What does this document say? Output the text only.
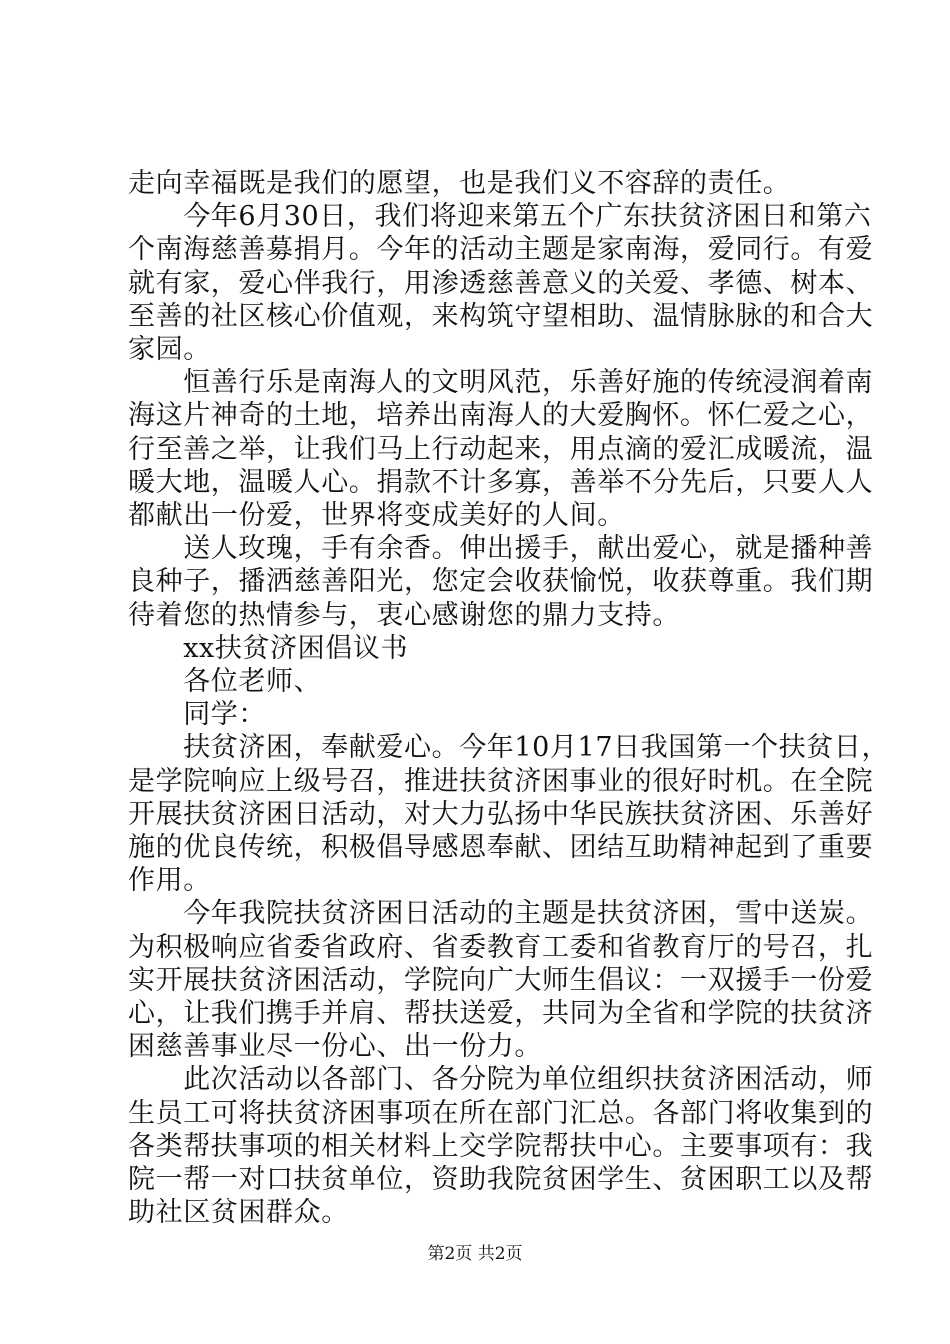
走向幸福既是我们的愿望，也是我们义不容辞的责任。
　　今年6月30日，我们将迎来第五个广东扶贫济困日和第六
个南海慈善募捐月。今年的活动主题是家南海，爱同行。有爱
就有家，爱心伴我行，用渗透慈善意义的关爱、孝德、树本、
至善的社区核心价值观，来构筑守望相助、温情脉脉的和合大
家园。
　　恒善行乐是南海人的文明风范，乐善好施的传统浸润着南
海这片神奇的土地，培养出南海人的大爱胸怀。怀仁爱之心，
行至善之举，让我们马上行动起来，用点滴的爱汇成暖流，温
暖大地，温暖人心。捐款不计多寡，善举不分先后，只要人人
都献出一份爱，世界将变成美好的人间。
　　送人玫瑰，手有余香。伸出援手，献出爱心，就是播种善
良种子，播洒慈善阳光，您定会收获愉悦，收获尊重。我们期
待着您的热情参与，衷心感谢您的鼎力支持。
　　xx扶贫济困倡议书
　　各位老师、
　　同学：
　　扶贫济困，奉献爱心。今年10月17日我国第一个扶贫日，
是学院响应上级号召，推进扶贫济困事业的很好时机。在全院
开展扶贫济困日活动，对大力弘扬中华民族扶贫济困、乐善好
施的优良传统，积极倡导感恩奉献、团结互助精神起到了重要
作用。
　　今年我院扶贫济困日活动的主题是扶贫济困，雪中送炭。
为积极响应省委省政府、省委教育工委和省教育厅的号召，扎
实开展扶贫济困活动，学院向广大师生倡议：一双援手一份爱
心，让我们携手并肩、帮扶送爱，共同为全省和学院的扶贫济
困慈善事业尽一份心、出一份力。
　　此次活动以各部门、各分院为单位组织扶贫济困活动，师
生员工可将扶贫济困事项在所在部门汇总。各部门将收集到的
各类帮扶事项的相关材料上交学院帮扶中心。主要事项有：我
院一帮一对口扶贫单位，资助我院贫困学生、贫困职工以及帮
助社区贫困群众。
第2页 共2页
